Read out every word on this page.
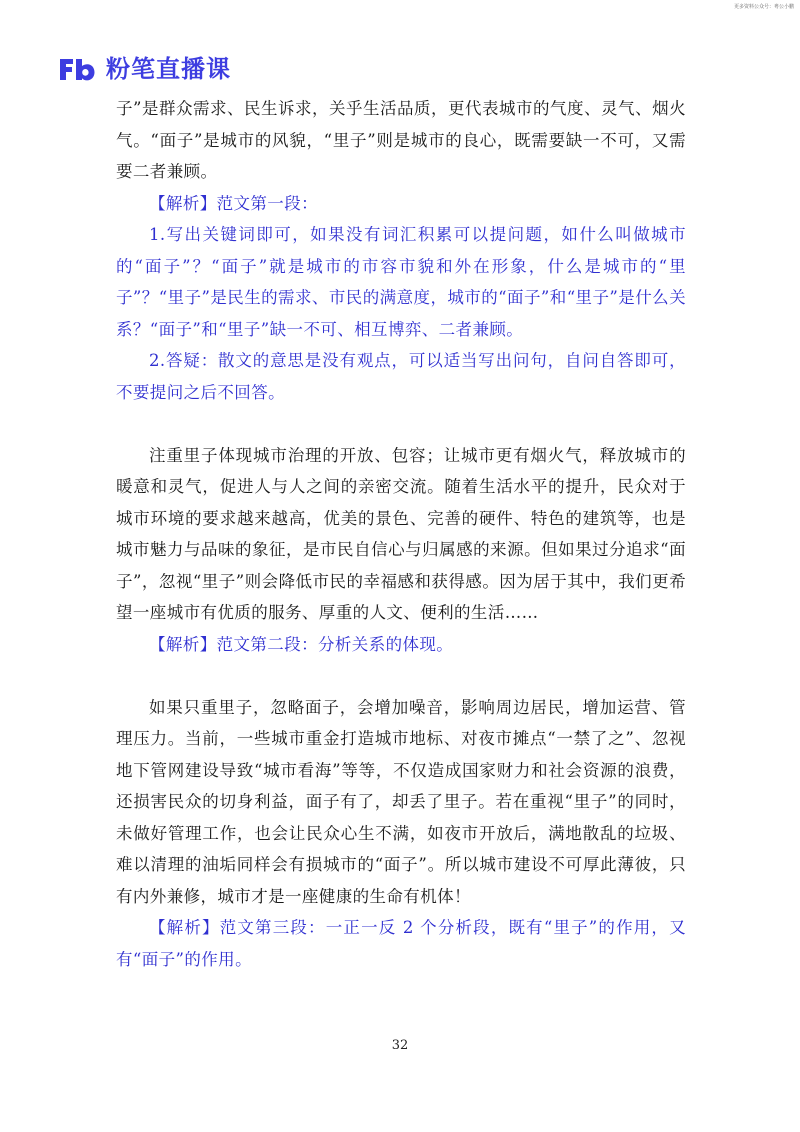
更多资料公众号：粤公小鹏
粉笔直播课

子”是群众需求、民生诉求，关乎生活品质，更代表城市的气度、灵气、烟火气。“面子”是城市的风貌，“里子”则是城市的良心，既需要缺一不可，又需要二者兼顾。

【解析】范文第一段：

1.写出关键词即可，如果没有词汇积累可以提问题，如什么叫做城市的“面子”？“面子”就是城市的市容市貌和外在形象，什么是城市的“里子”？“里子”是民生的需求、市民的满意度，城市的“面子”和“里子”是什么关系？“面子”和“里子”缺一不可、相互博弈、二者兼顾。

2.答疑：散文的意思是没有观点，可以适当写出问句，自问自答即可，不要提问之后不回答。

注重里子体现城市治理的开放、包容；让城市更有烟火气，释放城市的暖意和灵气，促进人与人之间的亲密交流。随着生活水平的提升，民众对于城市环境的要求越来越高，优美的景色、完善的硬件、特色的建筑等，也是城市魅力与品味的象征，是市民自信心与归属感的来源。但如果过分追求“面子”，忽视“里子”则会降低市民的幸福感和获得感。因为居于其中，我们更希望一座城市有优质的服务、厚重的人文、便利的生活……

【解析】范文第二段：分析关系的体现。

如果只重里子，忽略面子，会增加噪音，影响周边居民，增加运营、管理压力。当前，一些城市重金打造城市地标、对夜市摊点“一禁了之”、忽视地下管网建设导致“城市看海”等等，不仅造成国家财力和社会资源的浪费，还损害民众的切身利益，面子有了，却丢了里子。若在重视“里子”的同时，未做好管理工作，也会让民众心生不满，如夜市开放后，满地散乱的垃圾、难以清理的油垢同样会有损城市的“面子”。所以城市建设不可厚此薄彼，只有内外兼修，城市才是一座健康的生命有机体！

【解析】范文第三段：一正一反 2 个分析段，既有“里子”的作用，又有“面子”的作用。

32
